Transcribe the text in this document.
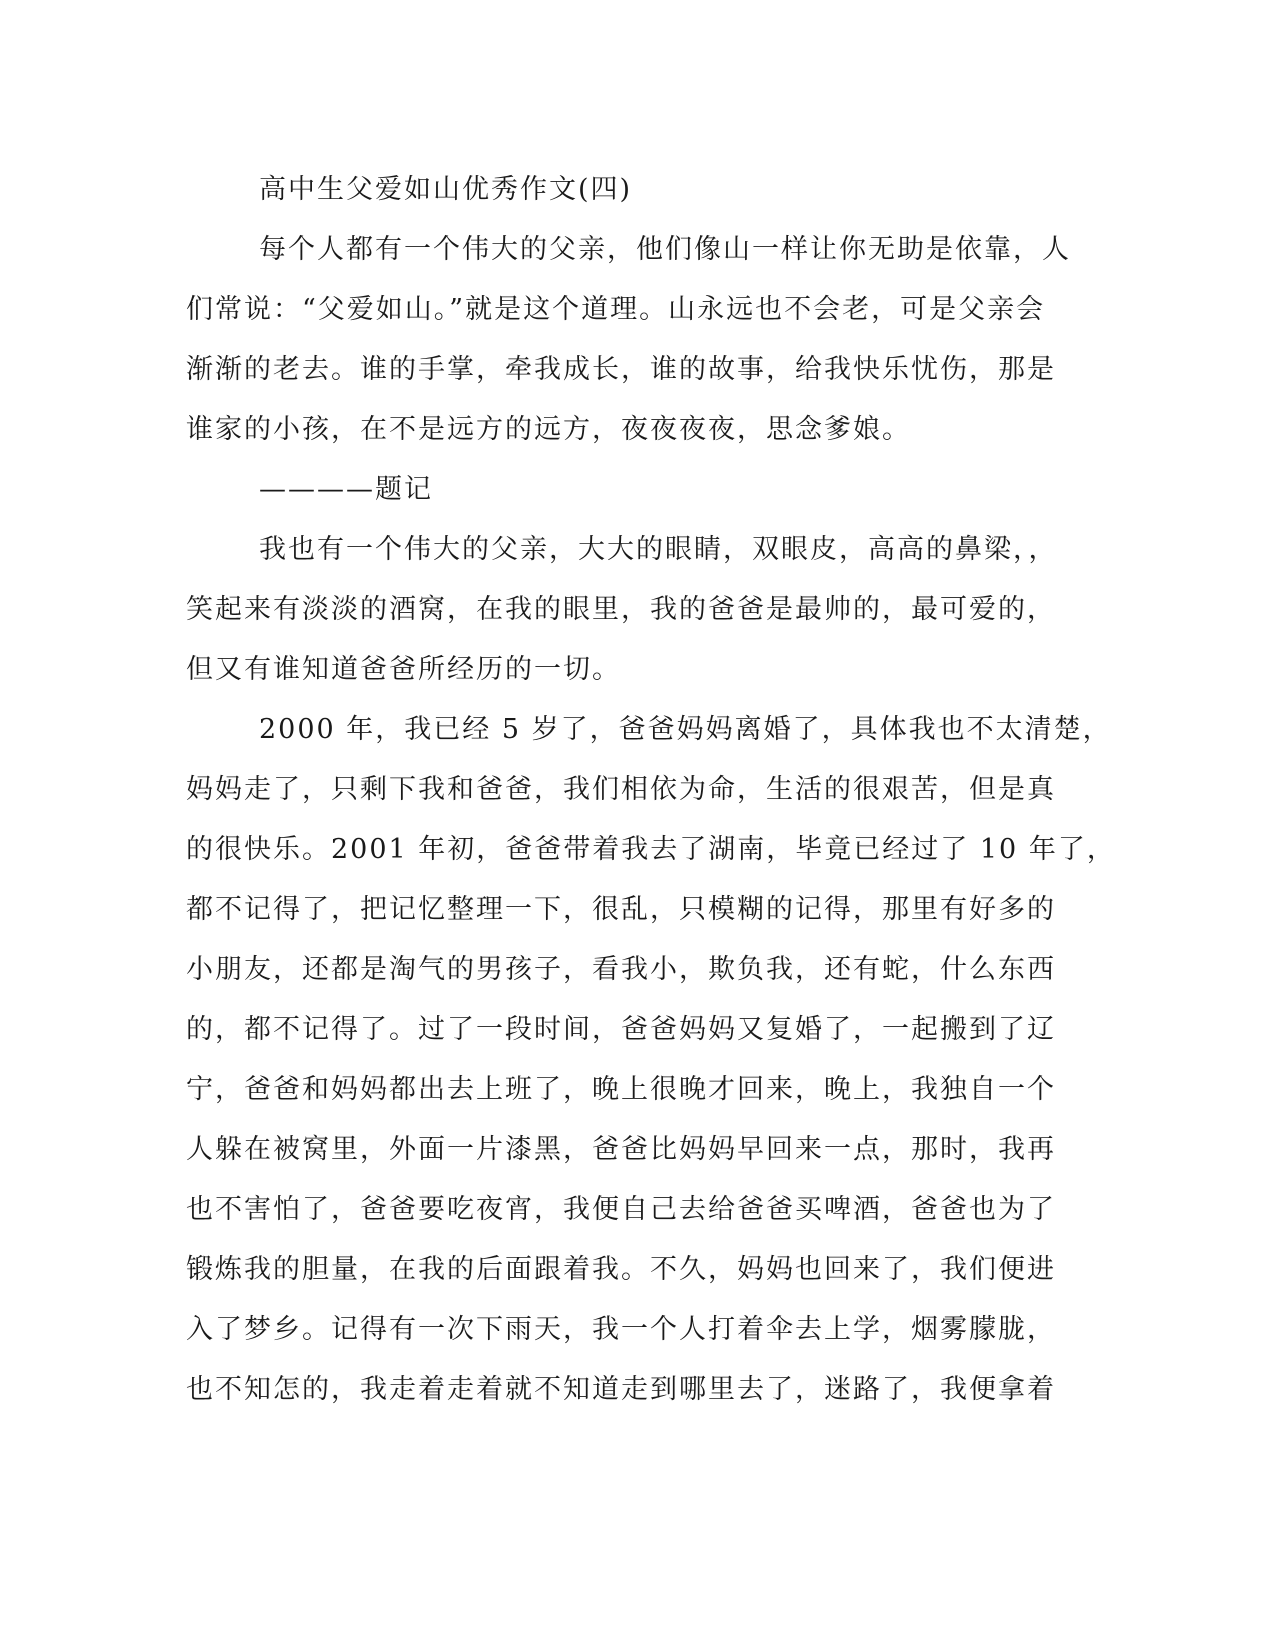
高中生父爱如山优秀作文(四)
每个人都有一个伟大的父亲，他们像山一样让你无助是依靠，人
们常说：“父爱如山。”就是这个道理。山永远也不会老，可是父亲会
渐渐的老去。谁的手掌，牵我成长，谁的故事，给我快乐忧伤，那是
谁家的小孩，在不是远方的远方，夜夜夜夜，思念爹娘。
————题记
我也有一个伟大的父亲，大大的眼睛，双眼皮，高高的鼻梁，，
笑起来有淡淡的酒窝，在我的眼里，我的爸爸是最帅的，最可爱的，
但又有谁知道爸爸所经历的一切。
2000 年，我已经 5 岁了，爸爸妈妈离婚了，具体我也不太清楚，
妈妈走了，只剩下我和爸爸，我们相依为命，生活的很艰苦，但是真
的很快乐。2001 年初，爸爸带着我去了湖南，毕竟已经过了 10 年了，
都不记得了，把记忆整理一下，很乱，只模糊的记得，那里有好多的
小朋友，还都是淘气的男孩子，看我小，欺负我，还有蛇，什么东西
的，都不记得了。过了一段时间，爸爸妈妈又复婚了，一起搬到了辽
宁，爸爸和妈妈都出去上班了，晚上很晚才回来，晚上，我独自一个
人躲在被窝里，外面一片漆黑，爸爸比妈妈早回来一点，那时，我再
也不害怕了，爸爸要吃夜宵，我便自己去给爸爸买啤酒，爸爸也为了
锻炼我的胆量，在我的后面跟着我。不久，妈妈也回来了，我们便进
入了梦乡。记得有一次下雨天，我一个人打着伞去上学，烟雾朦胧，
也不知怎的，我走着走着就不知道走到哪里去了，迷路了，我便拿着
